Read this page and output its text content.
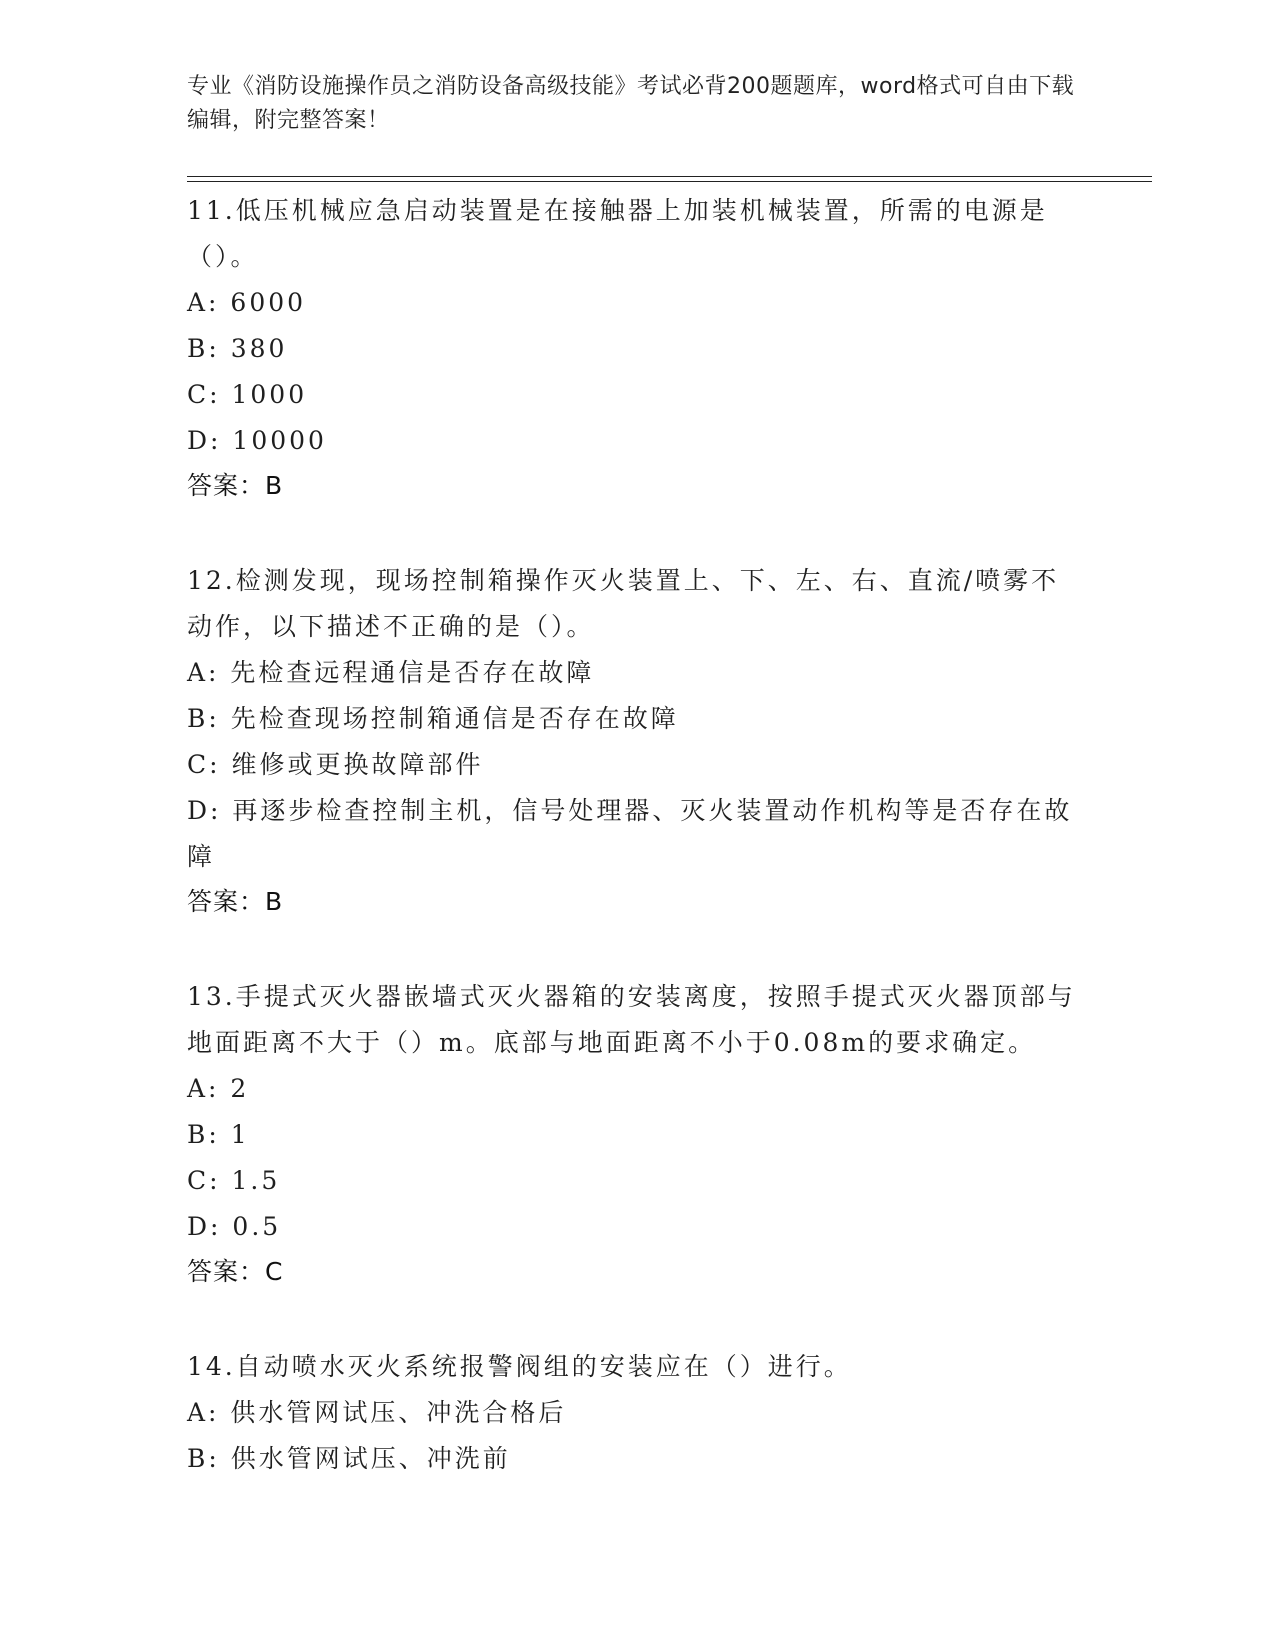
专业《消防设施操作员之消防设备高级技能》考试必背200题题库，word格式可自由下载编辑，附完整答案！

11.低压机械应急启动装置是在接触器上加装机械装置，所需的电源是（）。

A: 6000

B: 380

C: 1000

D: 10000

答案：B

12.检测发现，现场控制箱操作灭火装置上、下、左、右、直流/喷雾不动作，以下描述不正确的是（）。

A: 先检查远程通信是否存在故障

B: 先检查现场控制箱通信是否存在故障

C: 维修或更换故障部件

D: 再逐步检查控制主机，信号处理器、灭火装置动作机构等是否存在故障

答案：B

13.手提式灭火器嵌墙式灭火器箱的安装离度，按照手提式灭火器顶部与地面距离不大于（）m。底部与地面距离不小于0.08m的要求确定。

A: 2

B: 1

C: 1.5

D: 0.5

答案：C

14.自动喷水灭火系统报警阀组的安装应在（）进行。

A: 供水管网试压、冲洗合格后

B: 供水管网试压、冲洗前
